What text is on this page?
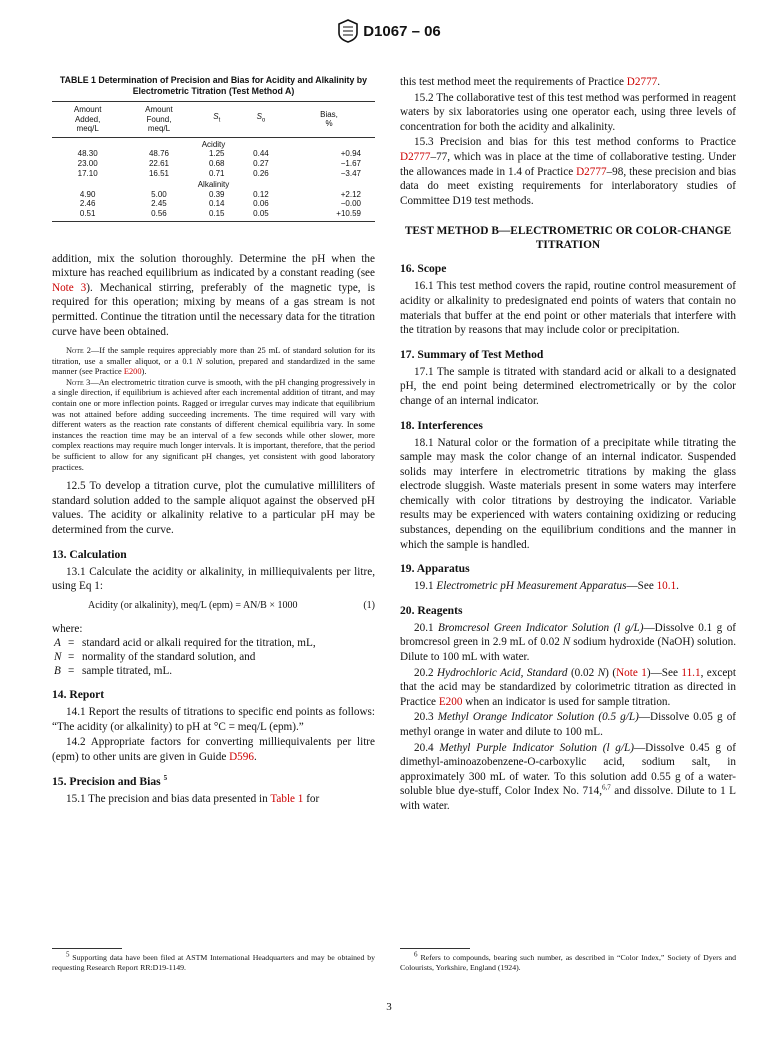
D1067 – 06
TABLE 1 Determination of Precision and Bias for Acidity and Alkalinity by Electrometric Titration (Test Method A)
Amount
Added,
meq/L	Amount
Found,
meq/L	$S_t$	$S_o$	Bias,
%
Acidity				
48.30	48.76	1.25	0.44	+0.94
23.00	22.61	0.68	0.27	−1.67
17.10	16.51	0.71	0.26	−3.47
Alkalinity				
4.90	5.00	0.39	0.12	+2.12
2.46	2.45	0.14	0.06	−0.00
0.51	0.56	0.15	0.05	+10.59

addition, mix the solution thoroughly. Determine the pH when the mixture has reached equilibrium as indicated by a constant reading (see Note 3). Mechanical stirring, preferably of the magnetic type, is required for this operation; mixing by means of a gas stream is not permitted. Continue the titration until the necessary data for the titration curve have been obtained.

Note 2—If the sample requires appreciably more than 25 mL of standard solution for its titration, use a smaller aliquot, or a 0.1 N solution, prepared and standardized in the same manner (see Practice E200).

Note 3—An electrometric titration curve is smooth, with the pH changing progressively in a single direction, if equilibrium is achieved after each incremental addition of titrant, and may contain one or more inflection points. Ragged or irregular curves may indicate that equilibrium was not attained before adding succeeding increments. The time required will vary with different waters as the reaction rate constants of different chemical equilibria vary. In some instances the reaction time may be an interval of a few seconds while other slower, more complex reactions may require much longer intervals. It is important, therefore, that the period be sufficient to allow for any significant pH changes, yet consistent with good laboratory practices.

12.5 To develop a titration curve, plot the cumulative milliliters of standard solution added to the sample aliquot against the observed pH values. The acidity or alkalinity relative to a particular pH may be determined from the curve.

13. Calculation

13.1 Calculate the acidity or alkalinity, in milliequivalents per litre, using Eq 1:

Acidity (or alkalinity), meq/L (epm) = AN/B × 1000	(1)

where:

A = standard acid or alkali required for the titration, mL,
N = normality of the standard solution, and
B = sample titrated, mL.
14. Report

14.1 Report the results of titrations to specific end points as follows: “The acidity (or alkalinity) to pH at °C = meq/L (epm).”

14.2 Appropriate factors for converting milliequivalents per litre (epm) to other units are given in Guide D596.

15. Precision and Bias $^5$

15.1 The precision and bias data presented in Table 1 for

this test method meet the requirements of Practice D2777.

15.2 The collaborative test of this test method was performed in reagent waters by six laboratories using one operator each, using three levels of concentration for both the acidity and alkalinity.

15.3 Precision and bias for this test method conforms to Practice D2777–77, which was in place at the time of collaborative testing. Under the allowances made in 1.4 of Practice D2777–98, these precision and bias data do meet existing requirements for interlaboratory studies of Committee D19 test methods.

TEST METHOD B—ELECTROMETRIC OR COLOR-CHANGE TITRATION
16. Scope

16.1 This test method covers the rapid, routine control measurement of acidity or alkalinity to predesignated end points of waters that contain no materials that buffer at the end point or other materials that interfere with the titration by reasons that may include color or precipitation.

17. Summary of Test Method

17.1 The sample is titrated with standard acid or alkali to a designated pH, the end point being determined electrometrically or by the color change of an internal indicator.

18. Interferences

18.1 Natural color or the formation of a precipitate while titrating the sample may mask the color change of an internal indicator. Suspended solids may interfere in electrometric titrations by making the glass electrode sluggish. Waste materials present in some waters may interfere chemically with color titrations by destroying the indicator. Variable results may be experienced with waters containing oxidizing or reducing substances, depending on the equilibrium conditions and the manner in which the sample is handled.

19. Apparatus

19.1 Electrometric pH Measurement Apparatus—See 10.1.

20. Reagents

20.1 Bromcresol Green Indicator Solution (l g/L)—Dissolve 0.1 g of bromcresol green in 2.9 mL of 0.02 N sodium hydroxide (NaOH) solution. Dilute to 100 mL with water.

20.2 Hydrochloric Acid, Standard (0.02 N) (Note 1)—See 11.1, except that the acid may be standardized by colorimetric titration as directed in Practice E200 when an indicator is used for sample titration.

20.3 Methyl Orange Indicator Solution (0.5 g/L)—Dissolve 0.05 g of methyl orange in water and dilute to 100 mL.

20.4 Methyl Purple Indicator Solution (l g/L)—Dissolve 0.45 g of dimethyl-aminoazobenzene-O-carboxylic acid, sodium salt, in approximately 300 mL of water. To this solution add 0.55 g of a water-soluble blue dye-stuff, Color Index No. 714,$^{6,7}$ and dissolve. Dilute to 1 L with water.

5 Supporting data have been filed at ASTM International Headquarters and may be obtained by requesting Research Report RR:D19-1149.

6 Refers to compounds, bearing such number, as described in “Color Index,” Society of Dyers and Colourists, Yorkshire, England (1924).

3
